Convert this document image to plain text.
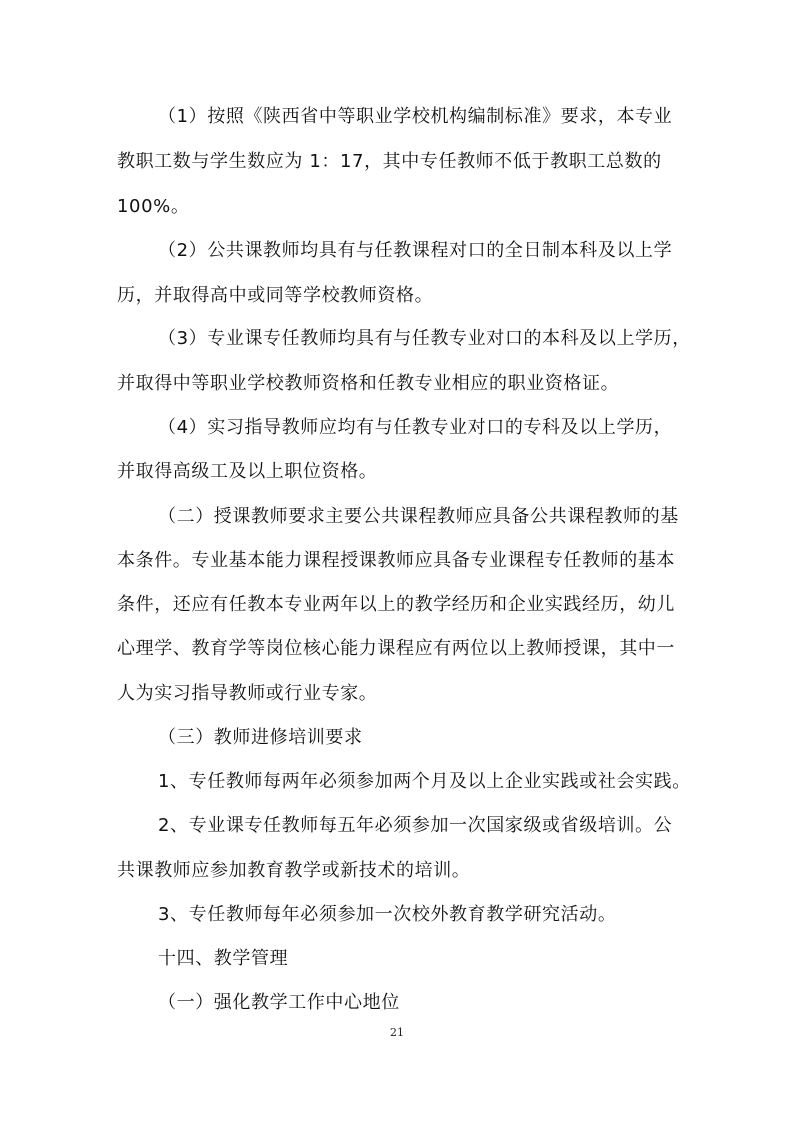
（1）按照《陕西省中等职业学校机构编制标准》要求，本专业
教职工数与学生数应为 1：17，其中专任教师不低于教职工总数的
100%。
（2）公共课教师均具有与任教课程对口的全日制本科及以上学
历，并取得高中或同等学校教师资格。
（3）专业课专任教师均具有与任教专业对口的本科及以上学历，
并取得中等职业学校教师资格和任教专业相应的职业资格证。
（4）实习指导教师应均有与任教专业对口的专科及以上学历，
并取得高级工及以上职位资格。
（二）授课教师要求主要公共课程教师应具备公共课程教师的基
本条件。专业基本能力课程授课教师应具备专业课程专任教师的基本
条件，还应有任教本专业两年以上的教学经历和企业实践经历，幼儿
心理学、教育学等岗位核心能力课程应有两位以上教师授课，其中一
人为实习指导教师或行业专家。
（三）教师进修培训要求
1、专任教师每两年必须参加两个月及以上企业实践或社会实践。
2、专业课专任教师每五年必须参加一次国家级或省级培训。公
共课教师应参加教育教学或新技术的培训。
3、专任教师每年必须参加一次校外教育教学研究活动。
十四、教学管理
（一）强化教学工作中心地位
21
